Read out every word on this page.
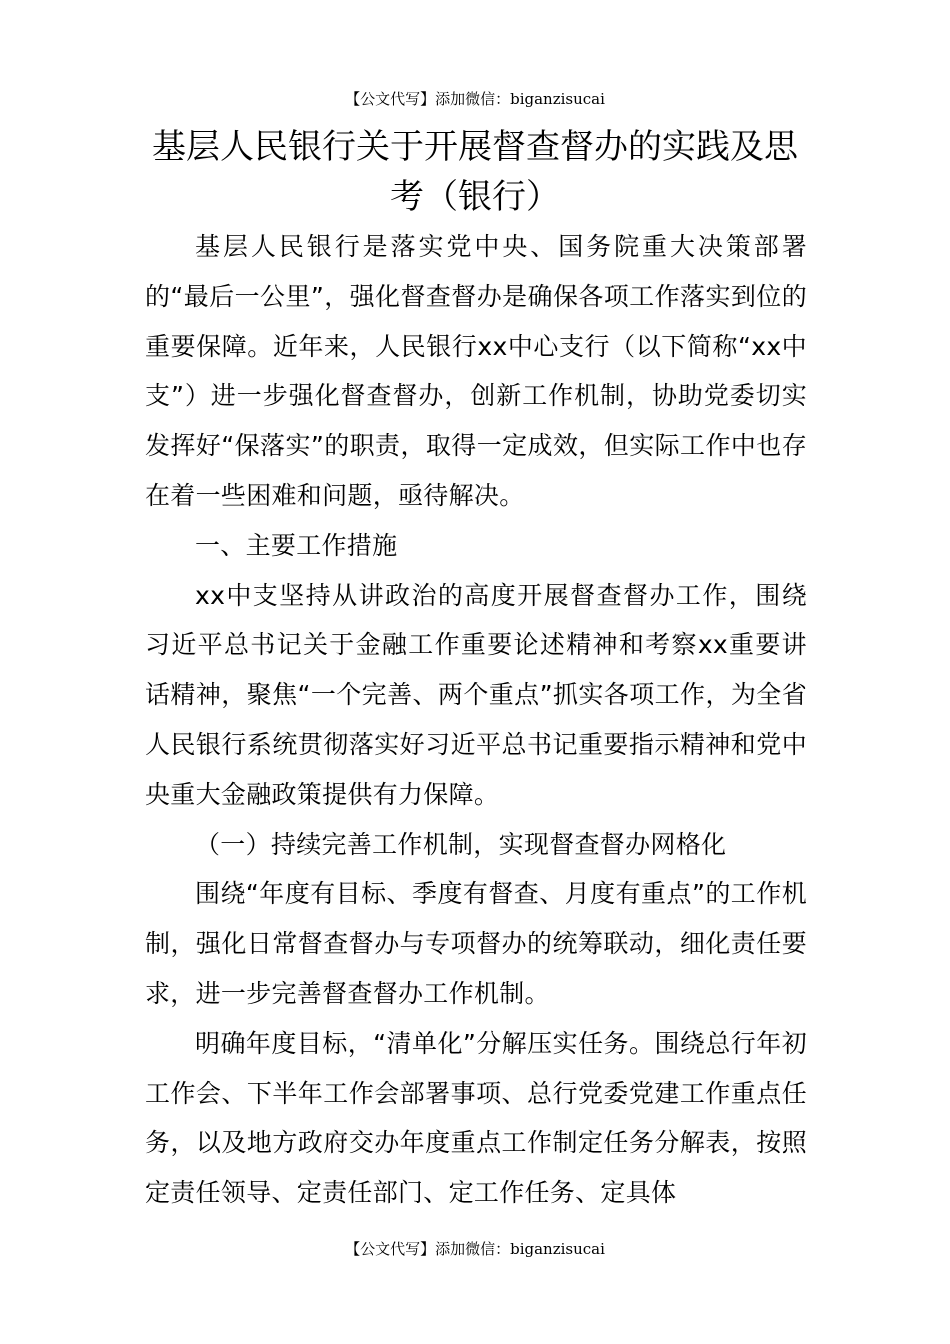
【公文代写】添加微信：biganzisucai
基层人民银行关于开展督查督办的实践及思考（银行）

基层人民银行是落实党中央、国务院重大决策部署的“最后一公里”，强化督查督办是确保各项工作落实到位的重要保障。近年来，人民银行xx中心支行（以下简称“xx中支”）进一步强化督查督办，创新工作机制，协助党委切实发挥好“保落实”的职责，取得一定成效，但实际工作中也存在着一些困难和问题，亟待解决。

一、主要工作措施

xx中支坚持从讲政治的高度开展督查督办工作，围绕习近平总书记关于金融工作重要论述精神和考察xx重要讲话精神，聚焦“一个完善、两个重点”抓实各项工作，为全省人民银行系统贯彻落实好习近平总书记重要指示精神和党中央重大金融政策提供有力保障。

（一）持续完善工作机制，实现督查督办网格化

围绕“年度有目标、季度有督查、月度有重点”的工作机制，强化日常督查督办与专项督办的统筹联动，细化责任要求，进一步完善督查督办工作机制。

明确年度目标，“清单化”分解压实任务。围绕总行年初工作会、下半年工作会部署事项、总行党委党建工作重点任务，以及地方政府交办年度重点工作制定任务分解表，按照定责任领导、定责任部门、定工作任务、定具体

【公文代写】添加微信：biganzisucai
